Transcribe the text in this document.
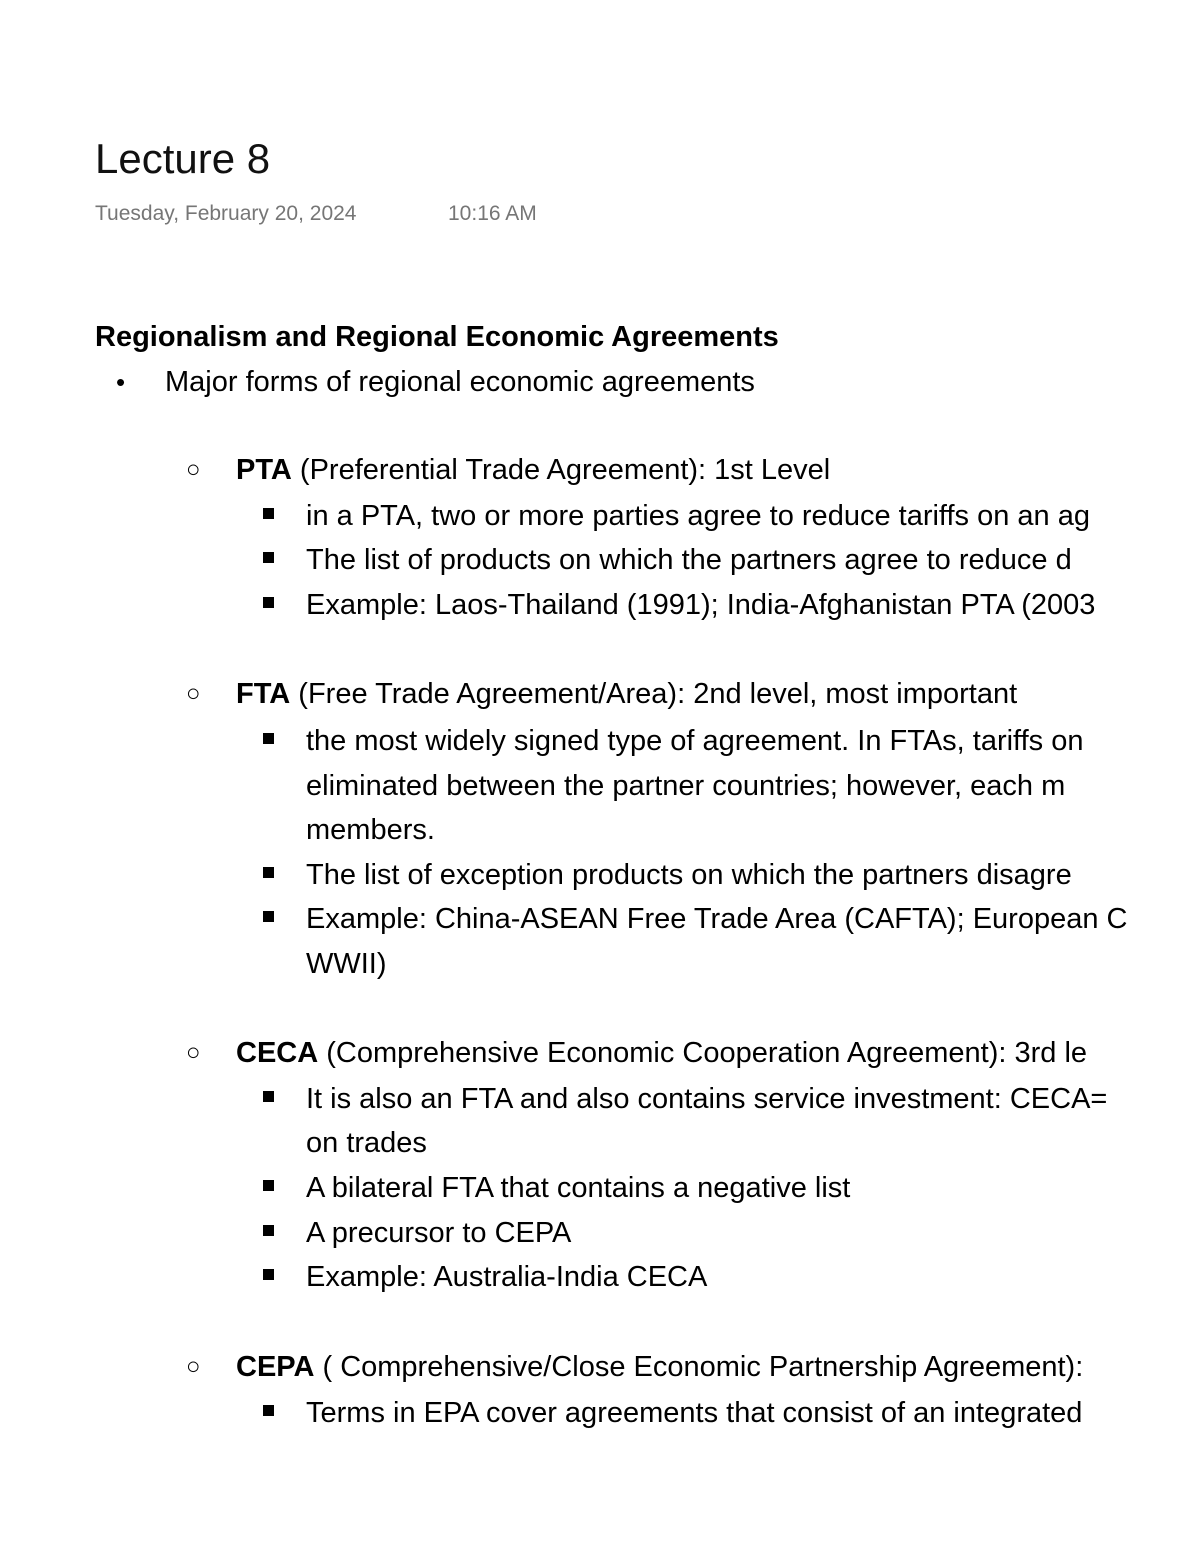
Lecture 8
Tuesday, February 20, 2024	10:16 AM
Regionalism and Regional Economic Agreements
• Major forms of regional economic agreements
○ PTA (Preferential Trade Agreement): 1st Level
in a PTA, two or more parties agree to reduce tariffs on an ag
The list of products on which the partners agree to reduce d
Example: Laos-Thailand (1991); India-Afghanistan PTA (2003
○ FTA (Free Trade Agreement/Area): 2nd level, most important
the most widely signed type of agreement. In FTAs, tariffs on
eliminated between the partner countries; however, each m
members.
The list of exception products on which the partners disagre
Example: China-ASEAN Free Trade Area (CAFTA); European C
WWII)
○ CECA (Comprehensive Economic Cooperation Agreement): 3rd le
It is also an FTA and also contains service investment: CECA=
on trades
A bilateral FTA that contains a negative list
A precursor to CEPA
Example: Australia-India CECA
○ CEPA ( Comprehensive/Close Economic Partnership Agreement):
Terms in EPA cover agreements that consist of an integrated
